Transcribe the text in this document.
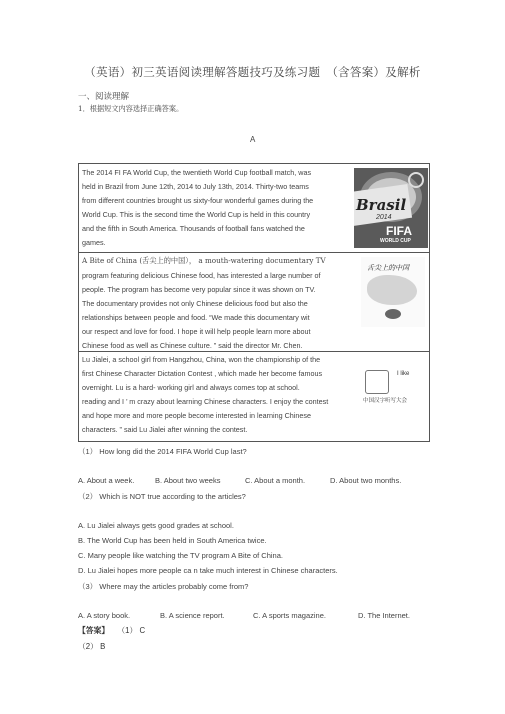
（英语）初三英语阅读理解答题技巧及练习题　（含答案）及解析
一、阅读理解
1．根据短文内容选择正确答案。
A
The 2014 FI FA World Cup, the twentieth World Cup football match, was
held in Brazil from June 12th, 2014 to July 13th, 2014. Thirty-two teams
from different countries brought us sixty-four wonderful games during the
World Cup. This is the second time the World Cup is held in this country
and the fifth in South America. Thousands of football fans watched the
games.
Brasil
2014
FIFA
WORLD CUP
A Bite of China (舌尖上的中国）， a mouth-watering documentary TV
program featuring delicious Chinese food, has interested a large number of
people. The program has become very popular since it was shown on TV.
The documentary provides not only Chinese delicious food but also the
relationships between people and food. “We made this documentary wit
our respect and love for food. I hope it will help people learn more about
Chinese food as well as Chinese culture. ” said the director Mr. Chen.
舌尖上的中国
Lu Jialei, a school girl from Hangzhou, China, won the championship of the
first Chinese Character Dictation Contest , which made her become famous
overnight. Lu is a hard- working girl and always comes top at school.
reading and I ’ m crazy about learning Chinese characters. I enjoy the contest
and hope more and more people become interested in learning Chinese
characters. ” said Lu Jialei after winning the contest.
I like
中国汉字听写大会
（1） How long did the 2014 FIFA World Cup last?
A. About a week.	B. About two weeks	C. About a month.	D. About two months.
（2） Which is NOT true according to the articles?
A. Lu Jialei always gets good grades at school.
B. The World Cup has been held in South America twice.
C. Many people like watching the TV program A Bite of China.
D. Lu Jialei hopes more people ca n take much interest in Chinese characters.
（3） Where may the articles probably come from?
A. A story book.	B. A science report.	C. A sports magazine.	D. The Internet.
【答案】 （1） C
（2） B
